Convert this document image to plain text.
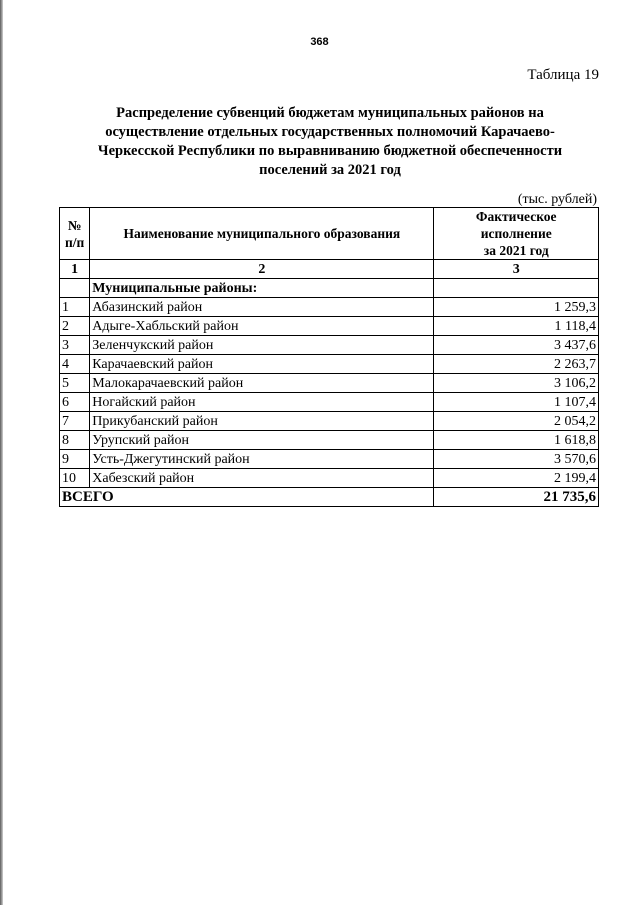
368
Таблица 19
Распределение субвенций бюджетам муниципальных районов на
осуществление отдельных государственных полномочий Карачаево-
Черкесской Республики по выравниванию бюджетной обеспеченности
поселений за 2021 год
(тыс. рублей)
№ п/п	Наименование муниципального образования	Фактическое
исполнение
за 2021 год

1	2	3
	Муниципальные районы:	
1	Абазинский район	1 259,3
2	Адыге-Хабльский район	1 118,4
3	Зеленчукский район	3 437,6
4	Карачаевский район	2 263,7
5	Малокарачаевский район	3 106,2
6	Ногайский район	1 107,4
7	Прикубанский район	2 054,2
8	Урупский район	1 618,8
9	Усть-Джегутинский район	3 570,6
10	Хабезский район	2 199,4
ВСЕГО		21 735,6
